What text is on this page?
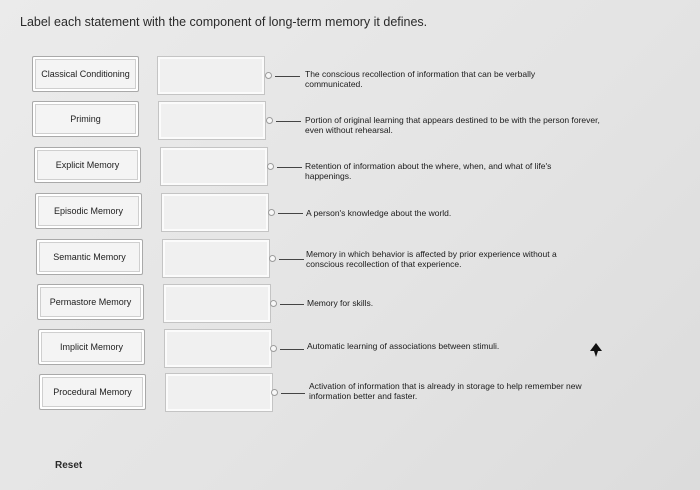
Label each statement with the component of long-term memory it defines.
Classical Conditioning
Priming
Explicit Memory
Episodic Memory
Semantic Memory
Permastore Memory
Implicit Memory
Procedural Memory
The conscious recollection of information that can be verbally communicated.
Portion of original learning that appears destined to be with the person forever, even without rehearsal.
Retention of information about the where, when, and what of life's happenings.
A person's knowledge about the world.
Memory in which behavior is affected by prior experience without a conscious recollection of that experience.
Memory for skills.
Automatic learning of associations between stimuli.
Activation of information that is already in storage to help remember new information better and faster.
Reset
